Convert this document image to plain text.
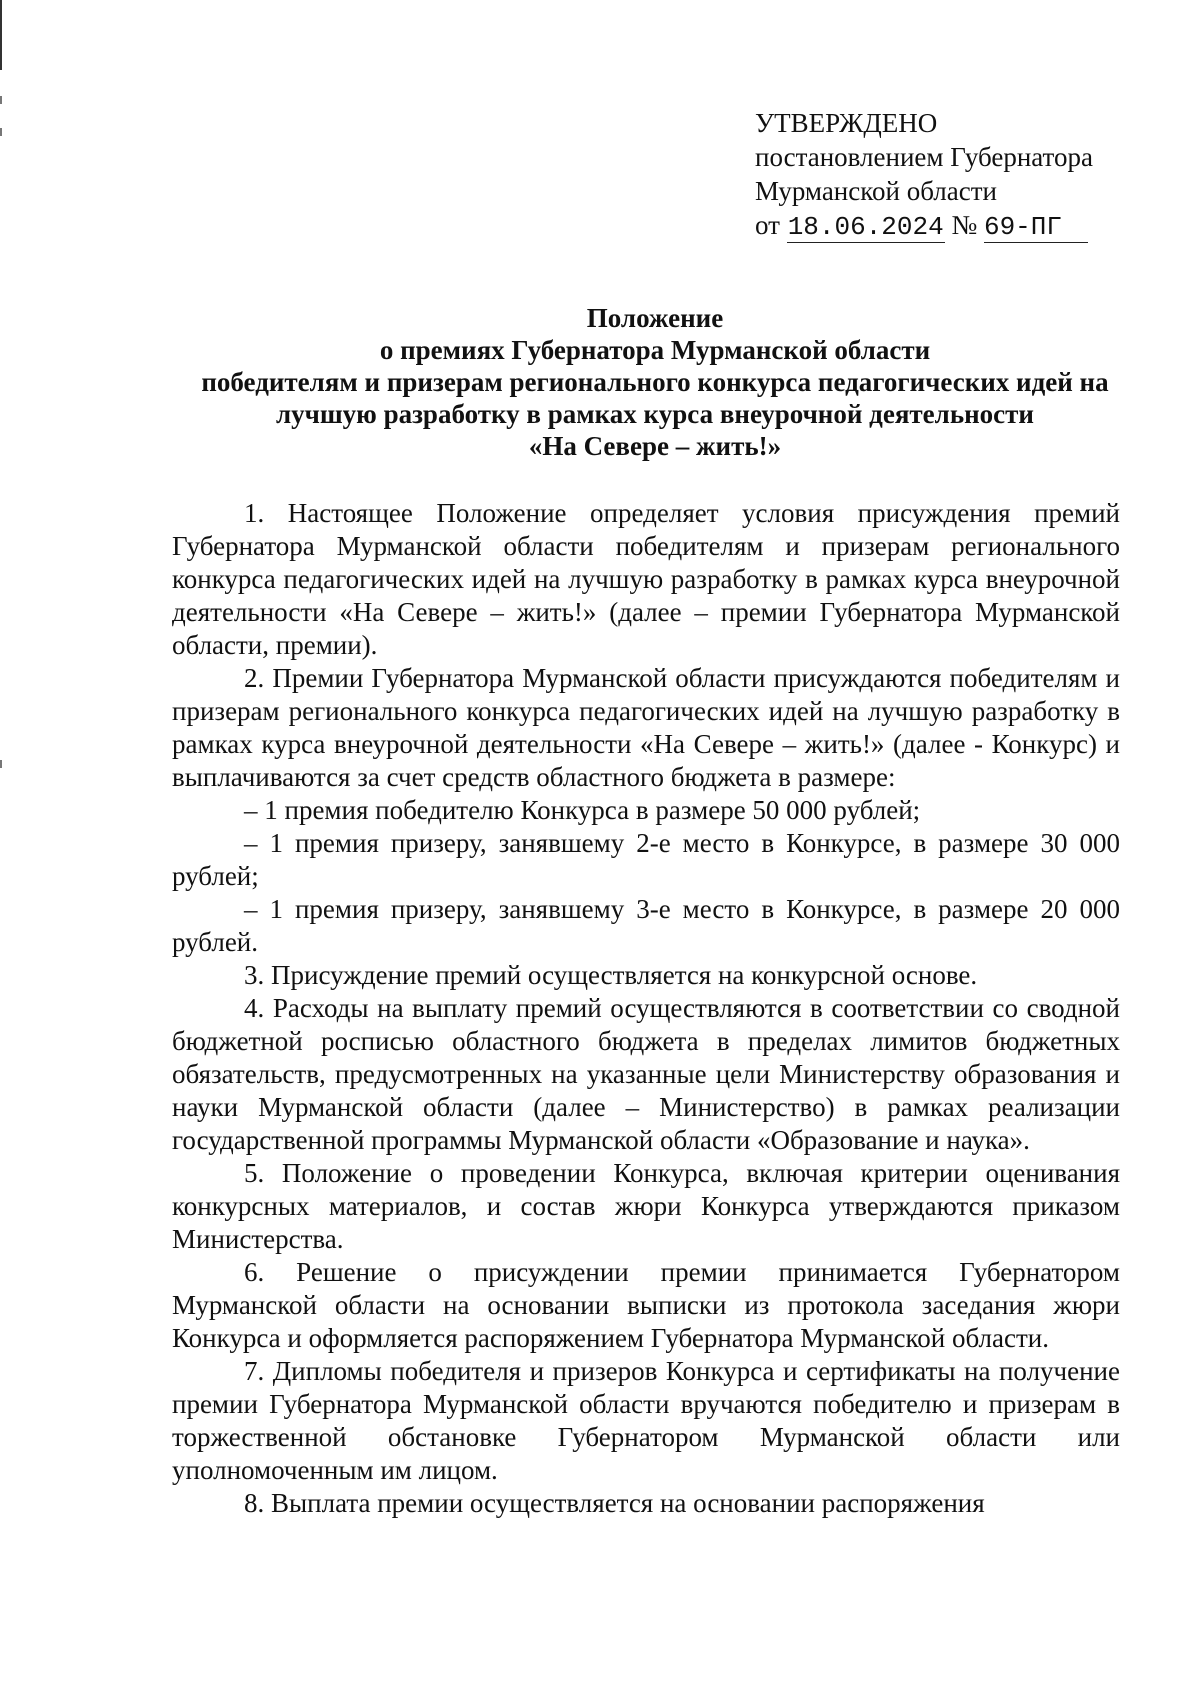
УТВЕРЖДЕНО
постановлением Губернатора
Мурманской области
от 18.06.2024 № 69-ПГ
Положение
о премиях Губернатора Мурманской области
победителям и призерам регионального конкурса педагогических идей на
лучшую разработку в рамках курса внеурочной деятельности
«На Севере – жить!»

1. Настоящее Положение определяет условия присуждения премий Губернатора Мурманской области победителям и призерам регионального конкурса педагогических идей на лучшую разработку в рамках курса внеурочной деятельности «На Севере – жить!» (далее – премии Губернатора Мурманской области, премии).

2. Премии Губернатора Мурманской области присуждаются победителям и призерам регионального конкурса педагогических идей на лучшую разработку в рамках курса внеурочной деятельности «На Севере – жить!» (далее - Конкурс) и выплачиваются за счет средств областного бюджета в размере:

– 1 премия победителю Конкурса в размере 50 000 рублей;

– 1 премия призеру, занявшему 2-е место в Конкурсе, в размере 30 000 рублей;

– 1 премия призеру, занявшему 3-е место в Конкурсе, в размере 20 000 рублей.

3. Присуждение премий осуществляется на конкурсной основе.

4. Расходы на выплату премий осуществляются в соответствии со сводной бюджетной росписью областного бюджета в пределах лимитов бюджетных обязательств, предусмотренных на указанные цели Министерству образования и науки Мурманской области (далее – Министерство) в рамках реализации государственной программы Мурманской области «Образование и наука».

5. Положение о проведении Конкурса, включая критерии оценивания конкурсных материалов, и состав жюри Конкурса утверждаются приказом Министерства.

6. Решение о присуждении премии принимается Губернатором Мурманской области на основании выписки из протокола заседания жюри Конкурса и оформляется распоряжением Губернатора Мурманской области.

7. Дипломы победителя и призеров Конкурса и сертификаты на получение премии Губернатора Мурманской области вручаются победителю и призерам в торжественной обстановке Губернатором Мурманской области или уполномоченным им лицом.

8. Выплата премии осуществляется на основании распоряжения
